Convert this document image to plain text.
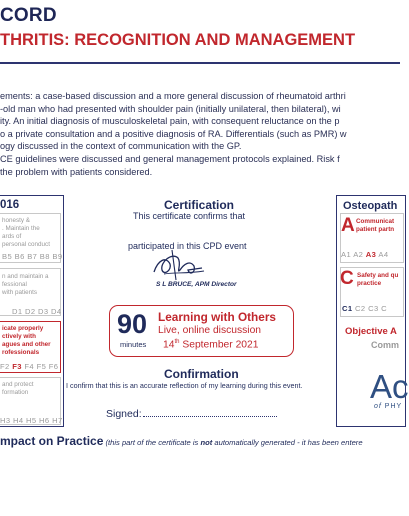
CORD
THRITIS: RECOGNITION AND MANAGEMENT
ements: a case-based discussion and a more general discussion of rheumatoid arthri
-old man who had presented with shoulder pain (initially unilateral, then bilateral), wi
ity. An initial diagnosis of musculoskeletal pain, with consequent reluctance on the p
o a private consultation and a positive diagnosis of RA. Differentials (such as PMR) w
ogy discussed in the context of communication with the GP.
CE guidelines were discussed and general management protocols explained. Risk f
the problem with patients considered.
016
honesty &
. Maintain the
ards of
personal conduct
B5 B6 B7 B8 B9
n and maintain a
fessional
with patients
D1 D2 D3 D4
icate properly
ctively with
agues and other
rofessionals
F2 F3 F4 F5 F6
and protect
formation
H3 H4 H5 H6 H7
Certification
This certificate confirms that
participated in this CPD event
S L BRUCE, APM Director
90
minutes
Learning with Others
Live, online discussion
14th September 2021
Confirmation
I confirm that this is an accurate reflection of my learning during this event.
Signed:
Osteopath
A Communicat
patient partn
A1 A2 A3 A4
C Safety and qu
practice
C1 C2 C3 C
Objective A
Comm
Ac
of PHY
mpact on Practice (this part of the certificate is not automatically generated - it has been entere
